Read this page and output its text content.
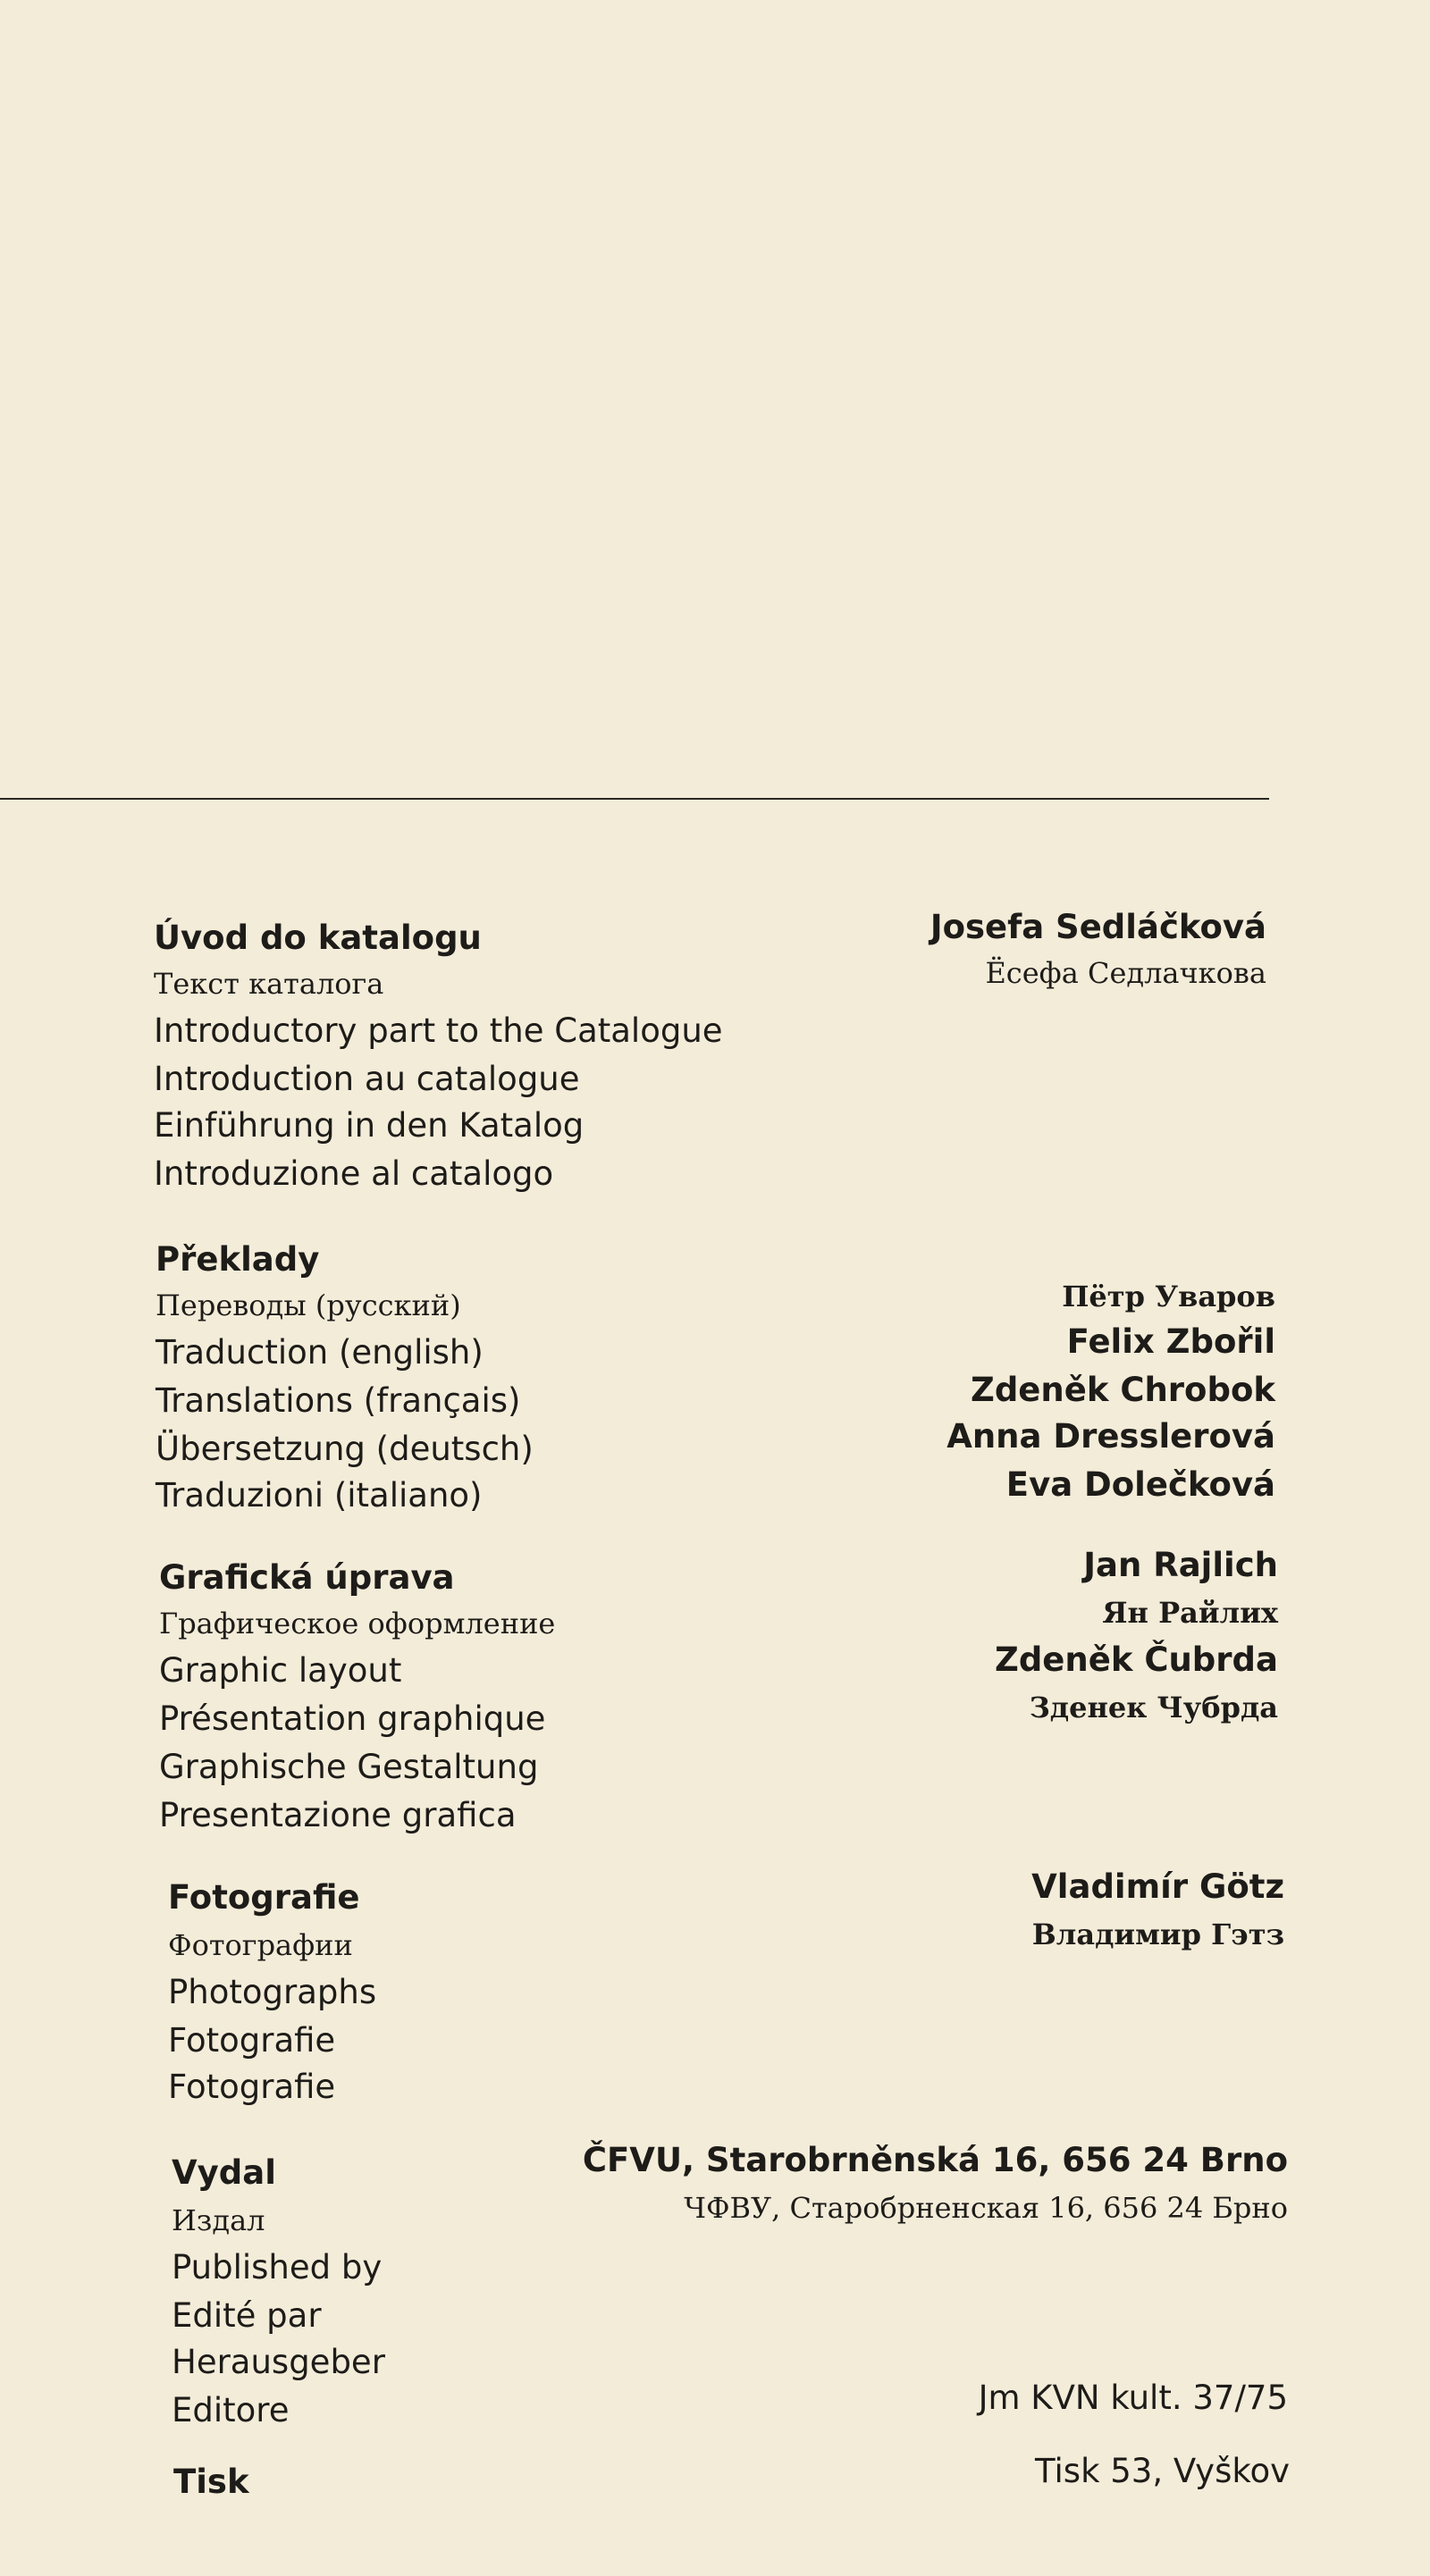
Úvod do katalogu
Текст каталога
Introductory part to the Catalogue
Introduction au catalogue
Einführung in den Katalog
Introduzione al catalogo
Josefa Sedláčková
Ёсефа Седлачкова
Překlady
Переводы (русский)
Traduction (english)
Translations (français)
Übersetzung (deutsch)
Traduzioni (italiano)
Пётр Уваров
Felix Zbořil
Zdeněk Chrobok
Anna Dresslerová
Eva Dolečková
Grafická úprava
Графическое оформление
Graphic layout
Présentation graphique
Graphische Gestaltung
Presentazione grafica
Jan Rajlich
Ян Райлих
Zdeněk Čubrda
Зденек Чубрда
Fotografie
Фотографии
Photographs
Fotografie
Fotografie
Vladimír Götz
Владимир Гэтз
Vydal
Издал
Published by
Edité par
Herausgeber
Editore
ČFVU, Starobrněnská 16, 656 24 Brno
ЧФВУ, Старобрненская 16, 656 24 Брно
Jm KVN kult. 37/75
Tisk	Tisk 53, Vyškov
